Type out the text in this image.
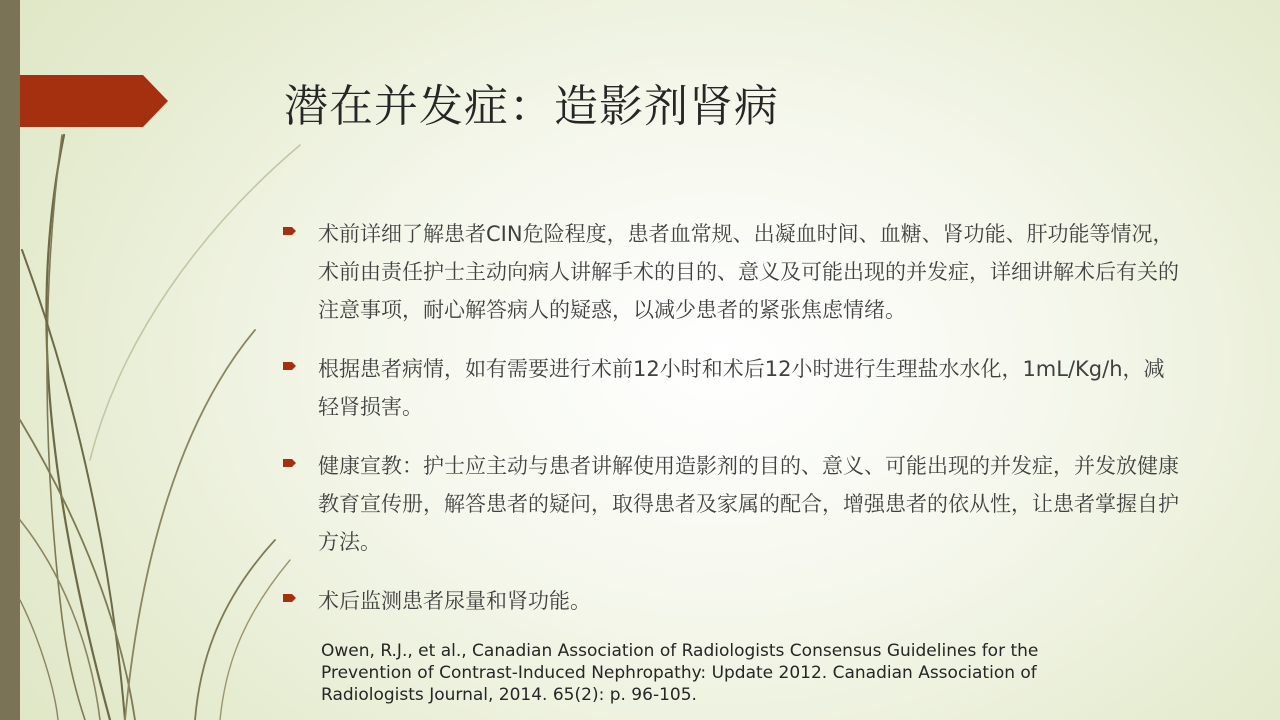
潜在并发症：造影剂肾病
术前详细了解患者CIN危险程度，患者血常规、出凝血时间、血糖、肾功能、肝功能等情况，术前由责任护士主动向病人讲解手术的目的、意义及可能出现的并发症，详细讲解术后有关的注意事项，耐心解答病人的疑惑，以减少患者的紧张焦虑情绪。
根据患者病情，如有需要进行术前12小时和术后12小时进行生理盐水水化，1mL/Kg/h，减轻肾损害。
健康宣教：护士应主动与患者讲解使用造影剂的目的、意义、可能出现的并发症，并发放健康教育宣传册，解答患者的疑问，取得患者及家属的配合，增强患者的依从性，让患者掌握自护方法。
术后监测患者尿量和肾功能。

Owen, R.J., et al., Canadian Association of Radiologists Consensus Guidelines for the Prevention of Contrast-Induced Nephropathy: Update 2012. Canadian Association of Radiologists Journal, 2014. 65(2): p. 96-105.
